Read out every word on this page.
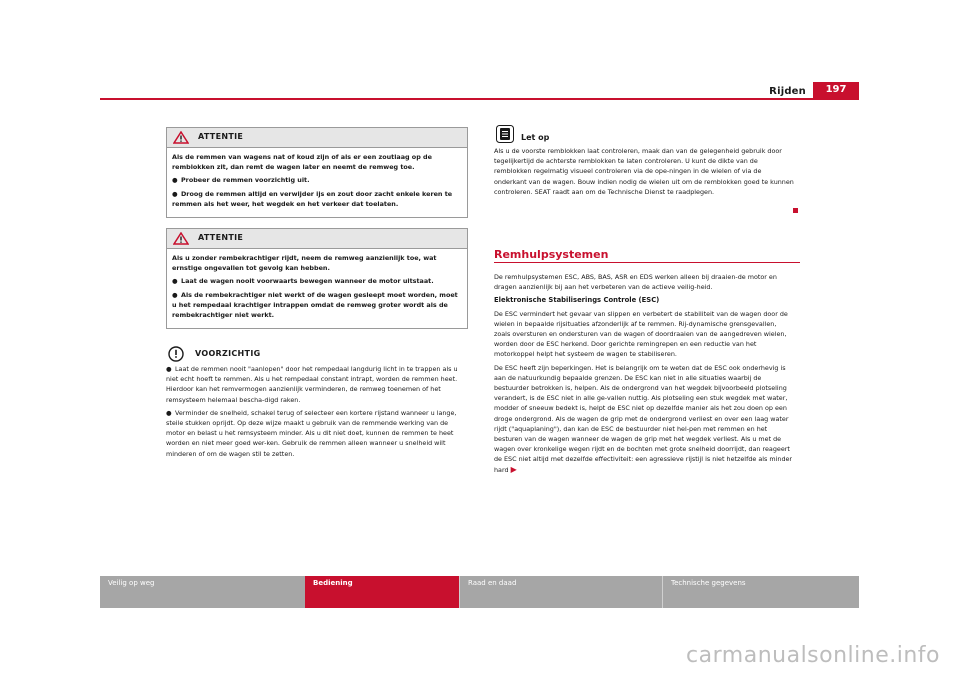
Rijden	197
ATTENTIE

Als de remmen van wagens nat of koud zijn of als er een zoutlaag op de remblokken zit, dan remt de wagen later en neemt de remweg toe.

● Probeer de remmen voorzichtig uit.

● Droog de remmen altijd en verwijder ijs en zout door zacht enkele keren te remmen als het weer, het wegdek en het verkeer dat toelaten.

ATTENTIE

Als u zonder rembekrachtiger rijdt, neem de remweg aanzienlijk toe, wat ernstige ongevallen tot gevolg kan hebben.

● Laat de wagen nooit voorwaarts bewegen wanneer de motor uitstaat.

● Als de rembekrachtiger niet werkt of de wagen gesleept moet worden, moet u het rempedaal krachtiger intrappen omdat de remweg groter wordt als de rembekrachtiger niet werkt.

VOORZICHTIG

● Laat de remmen nooit "aanlopen" door het rempedaal langdurig licht in te trappen als u niet echt hoeft te remmen. Als u het rempedaal constant intrapt, worden de remmen heet. Hierdoor kan het remvermogen aanzienlijk verminderen, de remweg toenemen of het remsysteem helemaal bescha-digd raken.

● Verminder de snelheid, schakel terug of selecteer een kortere rijstand wanneer u lange, steile stukken oprijdt. Op deze wijze maakt u gebruik van de remmende werking van de motor en belast u het remsysteem minder. Als u dit niet doet, kunnen de remmen te heet worden en niet meer goed wer-ken. Gebruik de remmen alleen wanneer u snelheid wilt minderen of om de wagen stil te zetten.

Let op

Als u de voorste remblokken laat controleren, maak dan van de gelegenheid gebruik door tegelijkertijd de achterste remblokken te laten controleren. U kunt de dikte van de remblokken regelmatig visueel controleren via de ope-ningen in de wielen of via de onderkant van de wagen. Bouw indien nodig de wielen uit om de remblokken goed te kunnen controleren. SEAT raadt aan om de Technische Dienst te raadplegen.

Remhulpsystemen

De remhulpsystemen ESC, ABS, BAS, ASR en EDS werken alleen bij draaien-de motor en dragen aanzienlijk bij aan het verbeteren van de actieve veilig-heid.

Elektronische Stabiliserings Controle (ESC)

De ESC vermindert het gevaar van slippen en verbetert de stabiliteit van de wagen door de wielen in bepaalde rijsituaties afzonderlijk af te remmen. Rij-dynamische grensgevallen, zoals oversturen en ondersturen van de wagen of doordraaien van de aangedreven wielen, worden door de ESC herkend. Door gerichte remingrepen en een reductie van het motorkoppel helpt het systeem de wagen te stabiliseren.

De ESC heeft zijn beperkingen. Het is belangrijk om te weten dat de ESC ook onderhevig is aan de natuurkundig bepaalde grenzen. De ESC kan niet in alle situaties waarbij de bestuurder betrokken is, helpen. Als de ondergrond van het wegdek bijvoorbeeld plotseling verandert, is de ESC niet in alle ge-vallen nuttig. Als plotseling een stuk wegdek met water, modder of sneeuw bedekt is, helpt de ESC niet op dezelfde manier als het zou doen op een droge ondergrond. Als de wagen de grip met de ondergrond verliest en over een laag water rijdt ("aquaplaning"), dan kan de ESC de bestuurder niet hel-pen met remmen en het besturen van de wagen wanneer de wagen de grip met het wegdek verliest. Als u met de wagen over kronkelige wegen rijdt en de bochten met grote snelheid doorrijdt, dan reageert de ESC niet altijd met dezelfde effectiviteit: een agressieve rijstijl is niet hetzelfde als minder hard ▶

Veilig op weg	Bediening	Raad en daad	Technische gegevens
carmanualsonline.info
